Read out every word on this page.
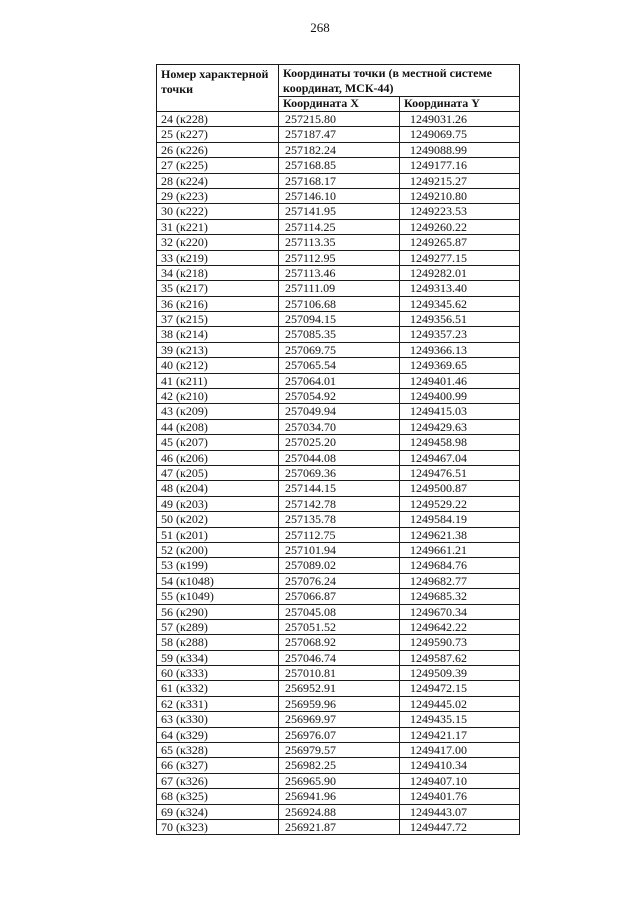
268
Номер характерной точки	Координаты точки (в местной системе координат, МСК-44)	
	Координата X	Координата Y
24 (к228)	257215.80	1249031.26
25 (к227)	257187.47	1249069.75
26 (к226)	257182.24	1249088.99
27 (к225)	257168.85	1249177.16
28 (к224)	257168.17	1249215.27
29 (к223)	257146.10	1249210.80
30 (к222)	257141.95	1249223.53
31 (к221)	257114.25	1249260.22
32 (к220)	257113.35	1249265.87
33 (к219)	257112.95	1249277.15
34 (к218)	257113.46	1249282.01
35 (к217)	257111.09	1249313.40
36 (к216)	257106.68	1249345.62
37 (к215)	257094.15	1249356.51
38 (к214)	257085.35	1249357.23
39 (к213)	257069.75	1249366.13
40 (к212)	257065.54	1249369.65
41 (к211)	257064.01	1249401.46
42 (к210)	257054.92	1249400.99
43 (к209)	257049.94	1249415.03
44 (к208)	257034.70	1249429.63
45 (к207)	257025.20	1249458.98
46 (к206)	257044.08	1249467.04
47 (к205)	257069.36	1249476.51
48 (к204)	257144.15	1249500.87
49 (к203)	257142.78	1249529.22
50 (к202)	257135.78	1249584.19
51 (к201)	257112.75	1249621.38
52 (к200)	257101.94	1249661.21
53 (к199)	257089.02	1249684.76
54 (к1048)	257076.24	1249682.77
55 (к1049)	257066.87	1249685.32
56 (к290)	257045.08	1249670.34
57 (к289)	257051.52	1249642.22
58 (к288)	257068.92	1249590.73
59 (к334)	257046.74	1249587.62
60 (к333)	257010.81	1249509.39
61 (к332)	256952.91	1249472.15
62 (к331)	256959.96	1249445.02
63 (к330)	256969.97	1249435.15
64 (к329)	256976.07	1249421.17
65 (к328)	256979.57	1249417.00
66 (к327)	256982.25	1249410.34
67 (к326)	256965.90	1249407.10
68 (к325)	256941.96	1249401.76
69 (к324)	256924.88	1249443.07
70 (к323)	256921.87	1249447.72
